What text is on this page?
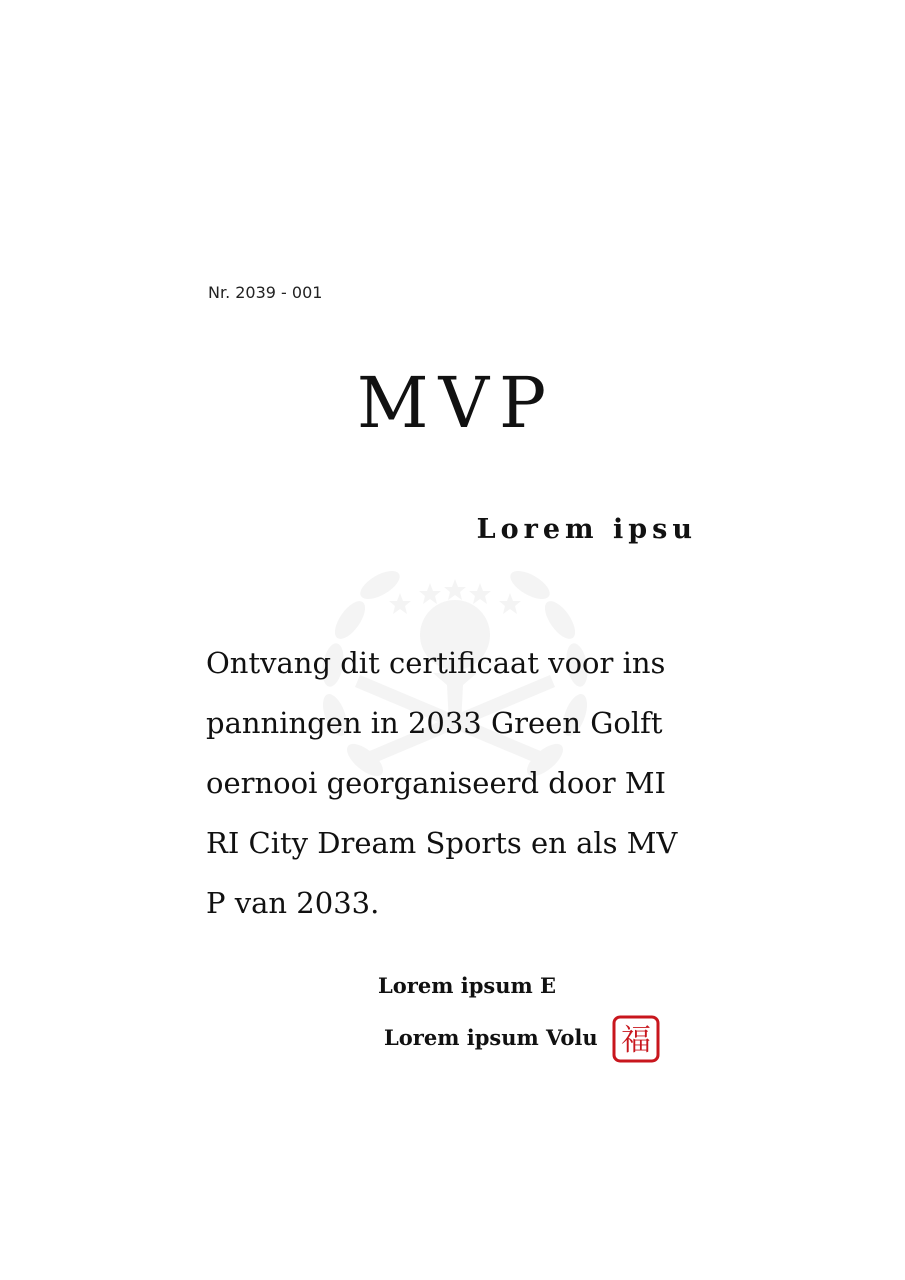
Nr. 2039 - 001
MVP
Lorem ipsu
Ontvang dit certificaat voor ins
panningen in 2033 Green Golft
oernooi georganiseerd door MI
RI City Dream Sports en als MV
P van 2033.
Lorem ipsum E
Lorem ipsum Volu 福
